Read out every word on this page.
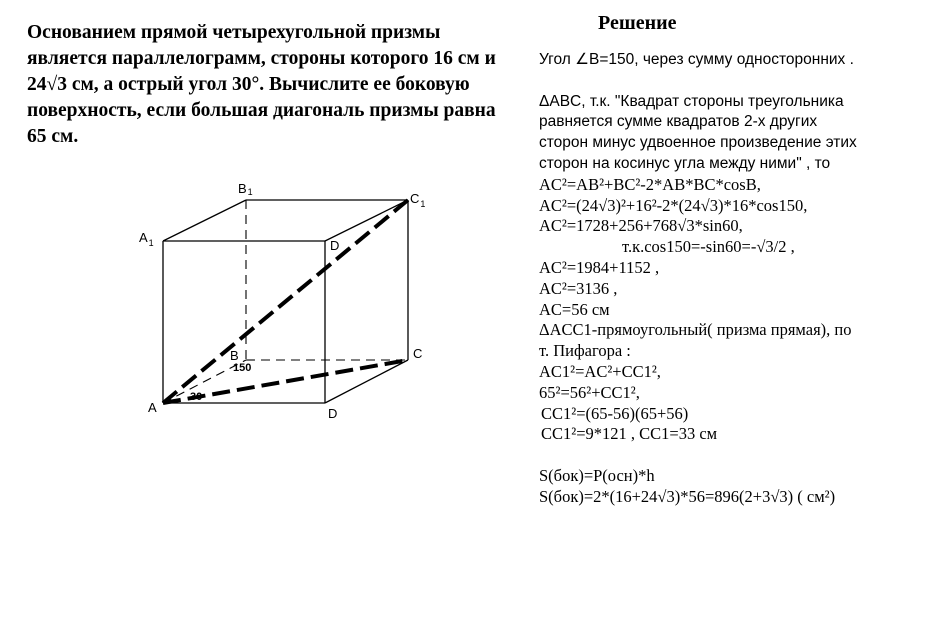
Основанием прямой четырехугольной призмы
является параллелограмм, стороны которого 16 см и
24√3 см, а острый угол 30°. Вычислите ее боковую
поверхность, если большая диагональ призмы равна
65 см.
Решение
Угол ∠B=150, через сумму односторонних .
ΔABC, т.к. "Квадрат стороны треугольника
равняется сумме квадратов 2-х других
сторон минус удвоенное произведение этих
сторон на косинус угла между ними" , то
AC²=AB²+BC²-2*AB*BC*cosB,
AC²=(24√3)²+16²-2*(24√3)*16*cos150,
AC²=1728+256+768√3*sin60,
т.к.cos150=-sin60=-√3/2 ,
AC²=1984+1152 ,
AC²=3136 ,
AC=56 см
ΔACC1-прямоугольный( призма прямая), по
т. Пифагора :
AC1²=AC²+CC1²,
65²=56²+CC1²,
CC1²=(65-56)(65+56)
CC1²=9*121 , CC1=33 см
S(бок)=P(осн)*h
S(бок)=2*(16+24√3)*56=896(2+3√3) ( см²)
A
$A_1$
B1	$C_1$
D
B	C
D
150
30
